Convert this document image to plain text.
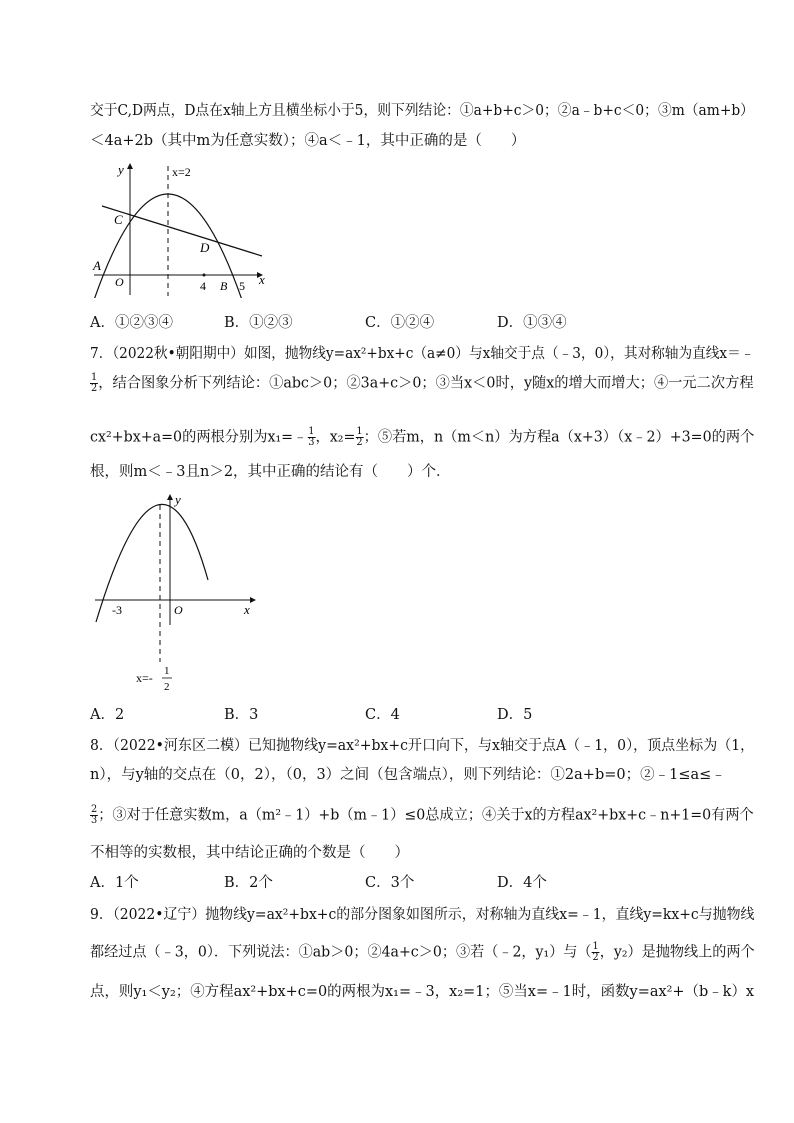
交于C,D两点，D点在x轴上方且横坐标小于5，则下列结论：①a+b+c＞0；②a﹣b+c＜0；③m（am+b）
＜4a+2b（其中m为任意实数）；④a＜﹣1，其中正确的是（　　）
y	x=2
C
D
A
O	4 B 5 x
A．①②③④	B．①②③	C．①②④	D．①③④
7．（2022秋•朝阳期中）如图，抛物线y=ax²+bx+c（a≠0）与x轴交于点（﹣3，0），其对称轴为直线x＝﹣
$\frac{1}{2}$ ，结合图象分析下列结论：①abc＞0；②3a+c＞0；③当x＜0时，y随x的增大而增大；④一元二次方程
cx²+bx+a=0的两根分别为x₁=﹣ $\frac{1}{3}$ ，$x_2= \frac{1}{2}$ ；⑤若m，n（m＜n）为方程a（x+3）（x﹣2）+3=0的两个
根，则m＜﹣3且n＞2，其中正确的结论有（　　）个．
y
-3	O	x
x=- 1
2
A．2	B．3	C．4	D．5
8．（2022•河东区二模）已知抛物线y=ax²+bx+c开口向下，与x轴交于点A（﹣1，0），顶点坐标为（1，
n），与y轴的交点在（0，2），（0，3）之间（包含端点），则下列结论：①2a+b=0；②﹣1≤a≤﹣
$\frac{2}{3}$ ；③对于任意实数m，a（m²﹣1）+b（m﹣1）≤0总成立；④关于x的方程ax²+bx+c﹣n+1=0有两个
不相等的实数根，其中结论正确的个数是（　　）
A．1个	B．2个	C．3个	D．4个
9．（2022•辽宁）抛物线y=ax²+bx+c的部分图象如图所示，对称轴为直线x=﹣1，直线y=kx+c与抛物线
都经过点（﹣3，0）．下列说法：①ab＞0；②4a+c＞0；③若（﹣2，y₁）与（ $\frac{1}{2}$ ，y₂）是抛物线上的两个
点，则y₁＜y₂；④方程ax²+bx+c=0的两根为x₁=﹣3，x₂=1；⑤当x=﹣1时，函数y=ax²+（b﹣k）x
